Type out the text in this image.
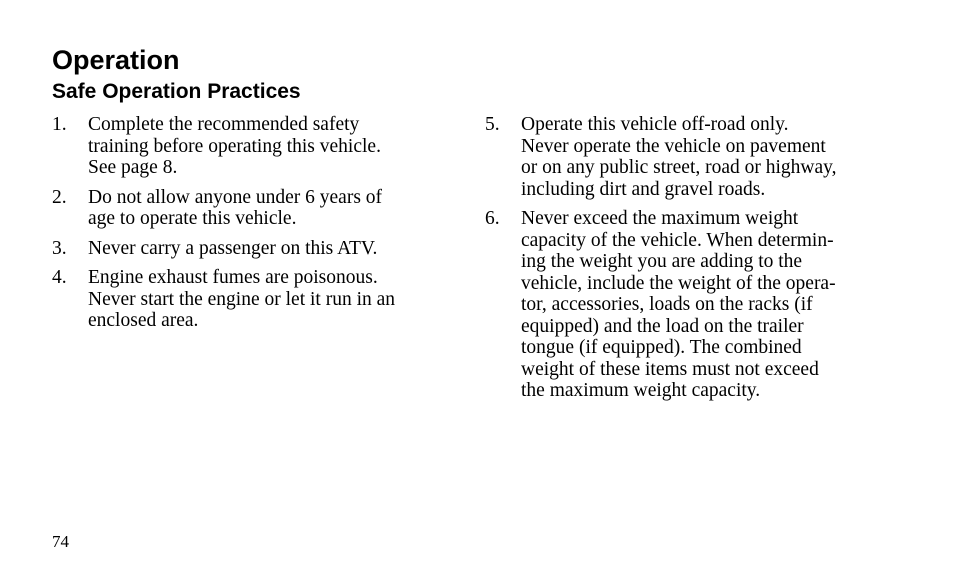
Operation
Safe Operation Practices
1.	Complete the recommended safety
training before operating this vehicle.
See page 8.
2.	Do not allow anyone under 6 years of
age to operate this vehicle.
3.	Never carry a passenger on this ATV.
4.	Engine exhaust fumes are poisonous.
Never start the engine or let it run in an
enclosed area.
5.	Operate this vehicle off-road only.
Never operate the vehicle on pavement
or on any public street, road or highway,
including dirt and gravel roads.
6.	Never exceed the maximum weight
capacity of the vehicle. When determin-
ing the weight you are adding to the
vehicle, include the weight of the opera-
tor, accessories, loads on the racks (if
equipped) and the load on the trailer
tongue (if equipped). The combined
weight of these items must not exceed
the maximum weight capacity.
74
